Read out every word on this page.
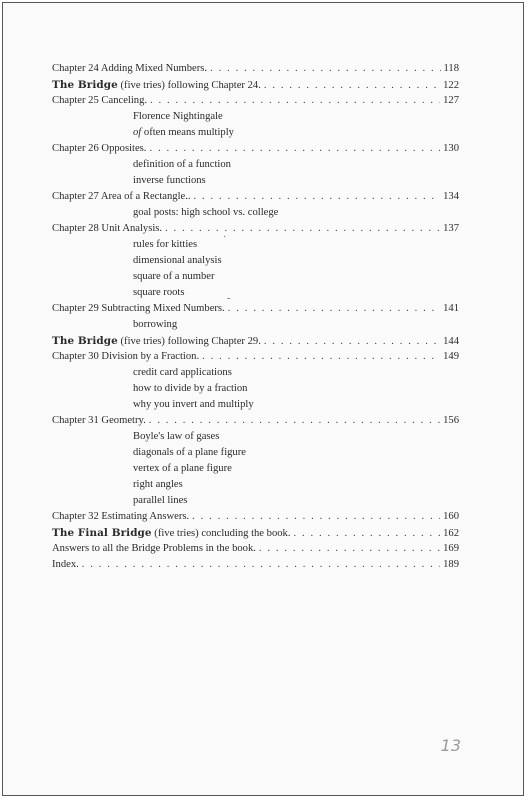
Chapter 24 Adding Mixed Numbers. . . .	118
The Bridge (five tries) following Chapter 24. . . .	122
Chapter 25 Canceling. . . .	127
Florence Nightingale
of often means multiply
Chapter 26 Opposites. . . .	130
definition of a function
inverse functions
Chapter 27 Area of a Rectangle.. . . .	134
goal posts: high school vs. college
Chapter 28 Unit Analysis. . . .	137
rules for kitties
dimensional analysis
square of a number
square roots
Chapter 29 Subtracting Mixed Numbers. . . .	141
borrowing
The Bridge (five tries) following Chapter 29. . . .	144
Chapter 30 Division by a Fraction. . . .	149
credit card applications
how to divide by a fraction
why you invert and multiply
Chapter 31 Geometry. . . .	156
Boyle's law of gases
diagonals of a plane figure
vertex of a plane figure
right angles
parallel lines
Chapter 32 Estimating Answers. . . .	160
The Final Bridge (five tries) concluding the book. . . .	162
Answers to all the Bridge Problems in the book. . . .	169
Index. . . .	189
·
-
13
